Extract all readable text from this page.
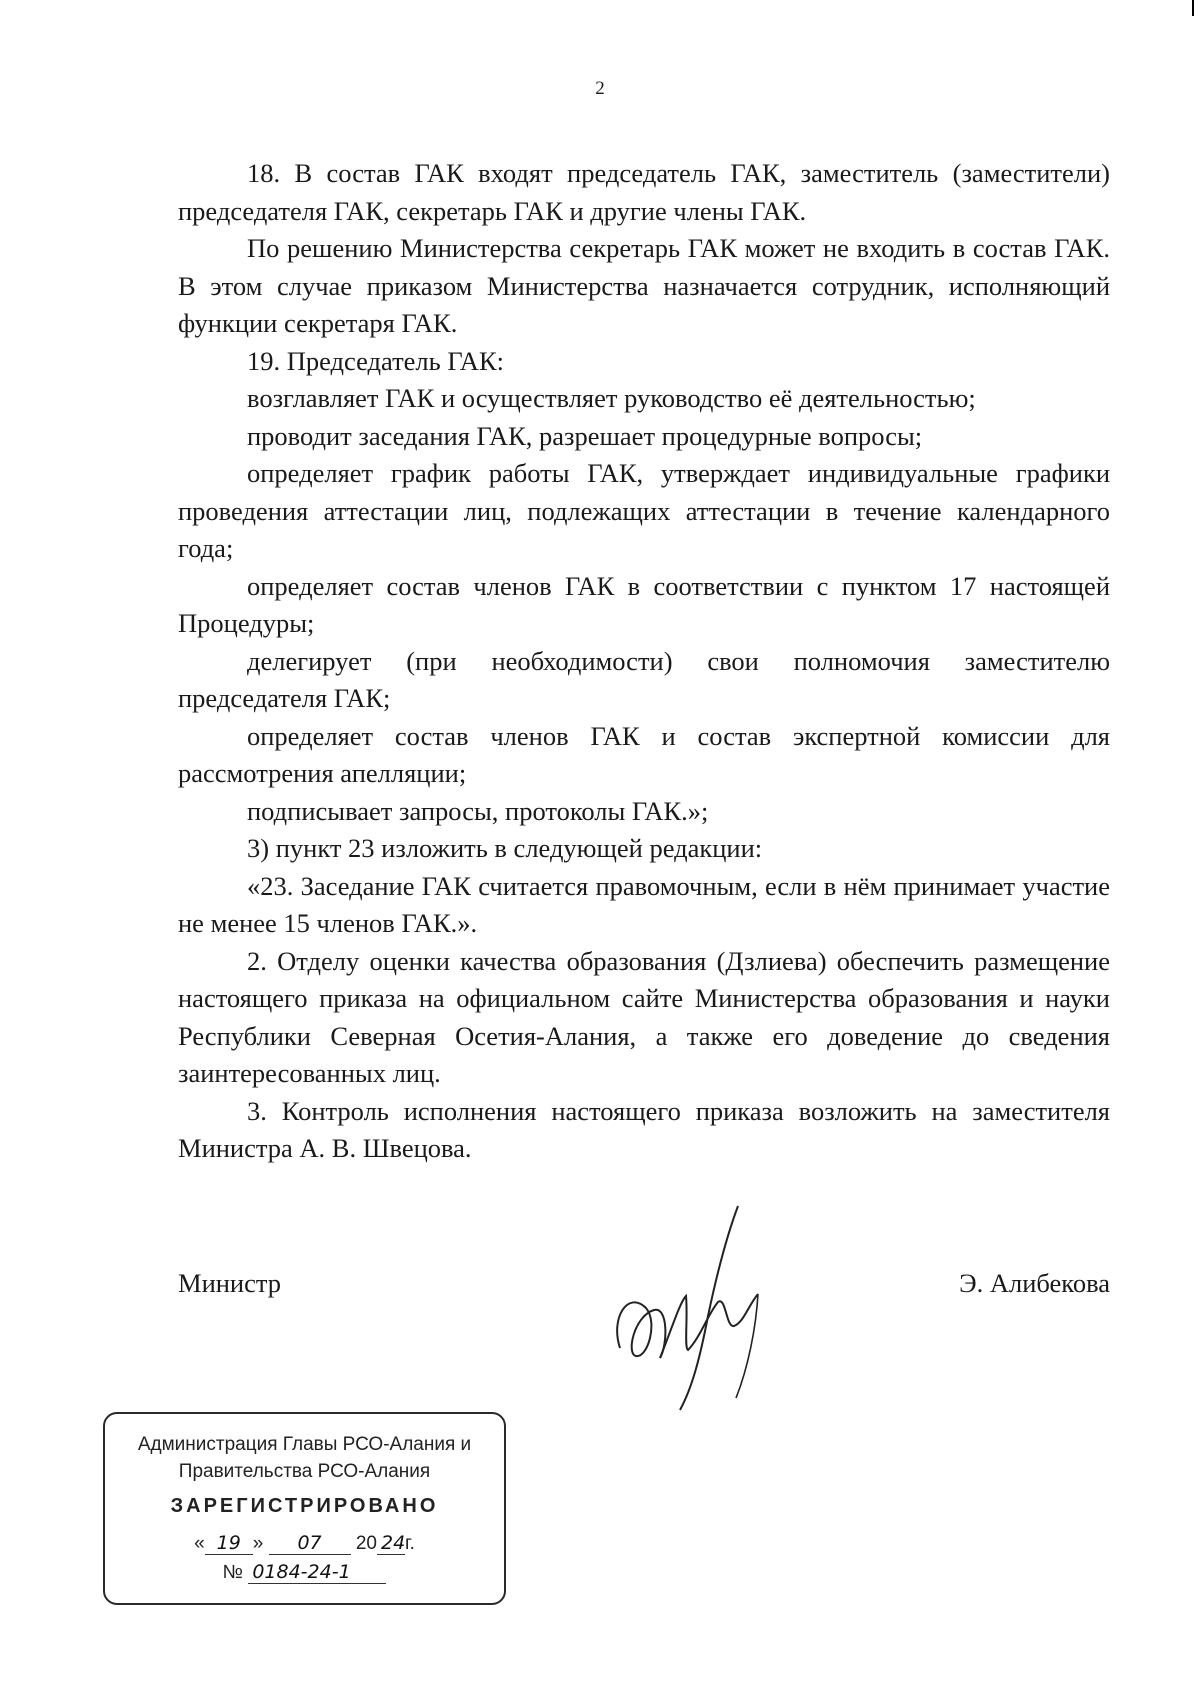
2

18. В состав ГАК входят председатель ГАК, заместитель (заместители) председателя ГАК, секретарь ГАК и другие члены ГАК.

По решению Министерства секретарь ГАК может не входить в состав ГАК. В этом случае приказом Министерства назначается сотрудник, исполняющий функции секретаря ГАК.

19. Председатель ГАК:

возглавляет ГАК и осуществляет руководство её деятельностью;

проводит заседания ГАК, разрешает процедурные вопросы;

определяет график работы ГАК, утверждает индивидуальные графики проведения аттестации лиц, подлежащих аттестации в течение календарного года;

определяет состав членов ГАК в соответствии с пунктом 17 настоящей Процедуры;

делегирует (при необходимости) свои полномочия заместителю председателя ГАК;

определяет состав членов ГАК и состав экспертной комиссии для рассмотрения апелляции;

подписывает запросы, протоколы ГАК.»;

3) пункт 23 изложить в следующей редакции:

«23. Заседание ГАК считается правомочным, если в нём принимает участие не менее 15 членов ГАК.».

2. Отделу оценки качества образования (Дзлиева) обеспечить размещение настоящего приказа на официальном сайте Министерства образования и науки Республики Северная Осетия-Алания, а также его доведение до сведения заинтересованных лиц.

3. Контроль исполнения настоящего приказа возложить на заместителя Министра А. В. Швецова.

Министр	Э. Алибекова
Администрация Главы РСО-Алания и
Правительства РСО-Алания
ЗАРЕГИСТРИРОВАНО
« 19 » 07 20 24г.
№ 0184-24-1
